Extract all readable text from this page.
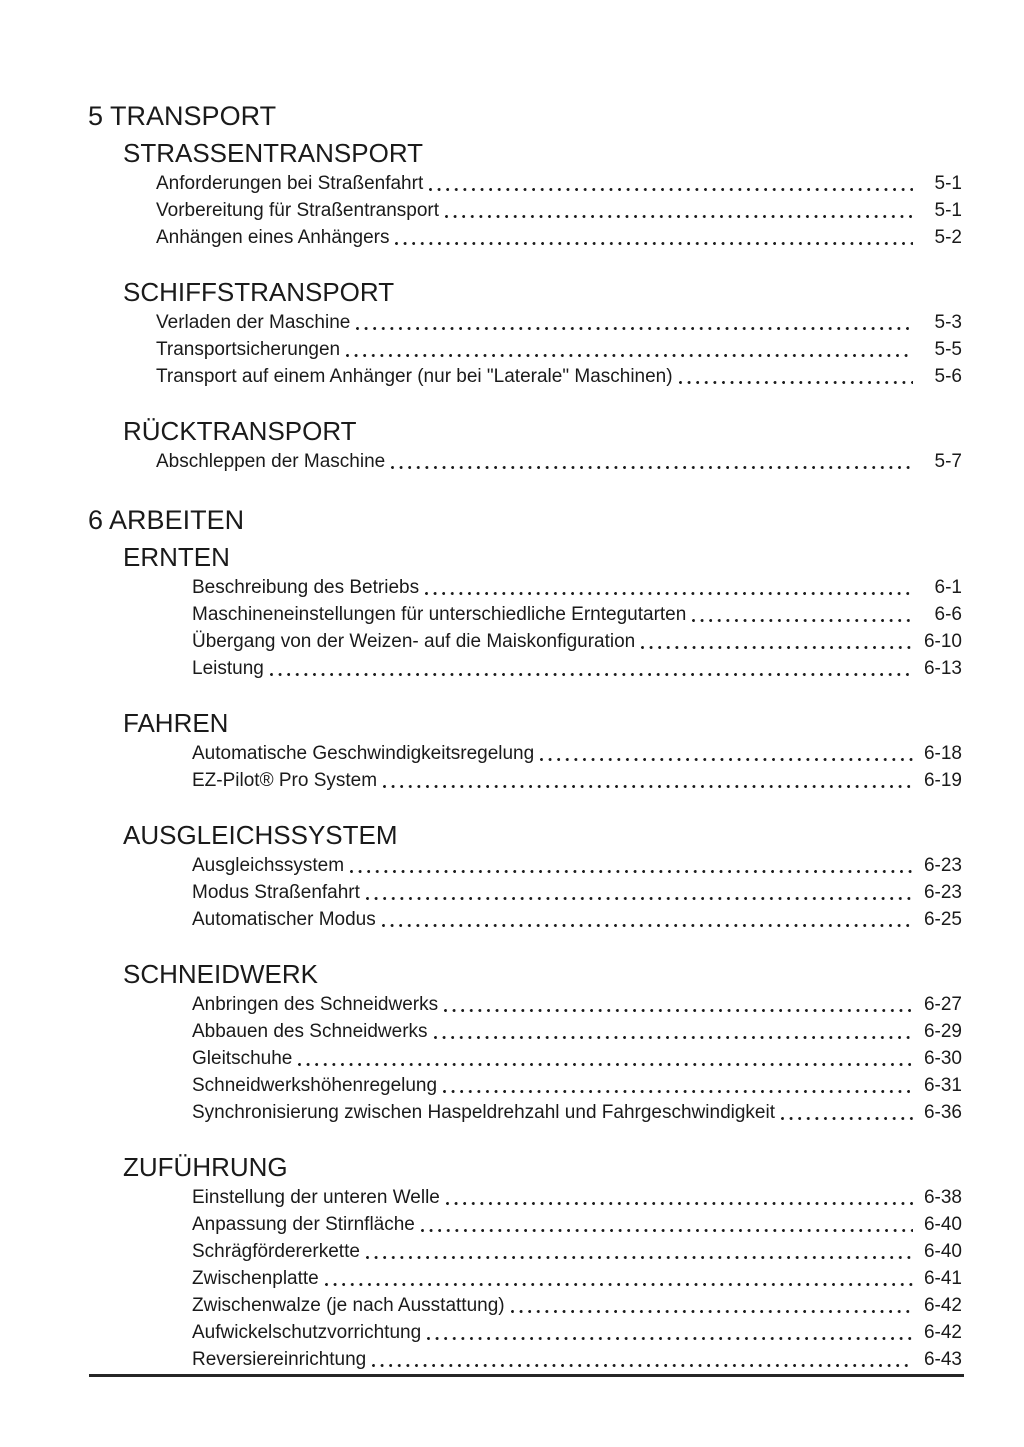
5 TRANSPORT
STRASSENTRANSPORT
Anforderungen bei Straßenfahrt	5-1
Vorbereitung für Straßentransport	5-1
Anhängen eines Anhängers	5-2
SCHIFFSTRANSPORT
Verladen der Maschine	5-3
Transportsicherungen	5-5
Transport auf einem Anhänger (nur bei "Laterale" Maschinen)	5-6
RÜCKTRANSPORT
Abschleppen der Maschine	5-7
6 ARBEITEN
ERNTEN
Beschreibung des Betriebs	6-1
Maschineneinstellungen für unterschiedliche Erntegutarten	6-6
Übergang von der Weizen- auf die Maiskonfiguration	6-10
Leistung	6-13
FAHREN
Automatische Geschwindigkeitsregelung	6-18
EZ-Pilot® Pro System	6-19
AUSGLEICHSSYSTEM
Ausgleichssystem	6-23
Modus Straßenfahrt	6-23
Automatischer Modus	6-25
SCHNEIDWERK
Anbringen des Schneidwerks	6-27
Abbauen des Schneidwerks	6-29
Gleitschuhe	6-30
Schneidwerkshöhenregelung	6-31
Synchronisierung zwischen Haspeldrehzahl und Fahrgeschwindigkeit	6-36
ZUFÜHRUNG
Einstellung der unteren Welle	6-38
Anpassung der Stirnfläche	6-40
Schrägfördererkette	6-40
Zwischenplatte	6-41
Zwischenwalze (je nach Ausstattung)	6-42
Aufwickelschutzvorrichtung	6-42
Reversiereinrichtung	6-43
